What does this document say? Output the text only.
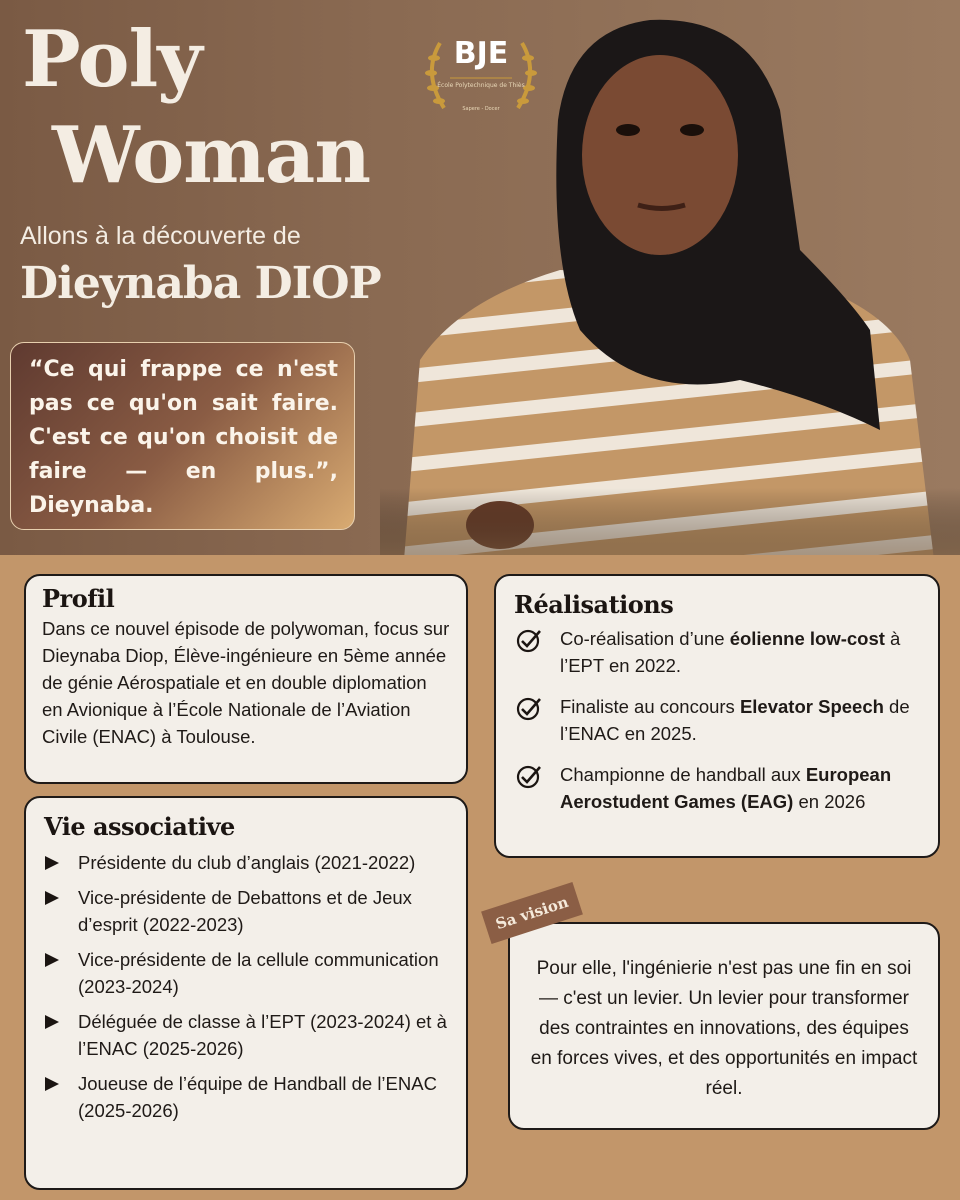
BJE
École Polytechnique de Thiès
Sapere - Docer
Poly
Woman
Allons à la découverte de
Dieynaba DIOP
“Ce qui frappe ce n'est pas ce qu'on sait faire. C'est ce qu'on choisit de faire — en plus.”, Dieynaba.
Profil
Dans ce nouvel épisode de polywoman, focus sur Dieynaba Diop, Élève-ingénieure en 5ème année de génie Aérospatiale et en double diplomation en Avionique à l’École Nationale de l’Aviation Civile (ENAC) à Toulouse.
Réalisations
Co-réalisation d’une éolienne low-cost à l’EPT en 2022.
Finaliste au concours Elevator Speech de l’ENAC en 2025.
Championne de handball aux European Aerostudent Games (EAG) en 2026
Vie associative
Présidente du club d’anglais (2021-2022)
Vice-présidente de Debattons et de Jeux d’esprit (2022-2023)
Vice-présidente de la cellule communication (2023-2024)
Déléguée de classe à l’EPT (2023-2024) et à l’ENAC (2025-2026)
Joueuse de l’équipe de Handball de l’ENAC (2025-2026)
Sa vision
Pour elle, l'ingénierie n'est pas une fin en soi — c'est un levier. Un levier pour transformer des contraintes en innovations, des équipes en forces vives, et des opportunités en impact réel.
